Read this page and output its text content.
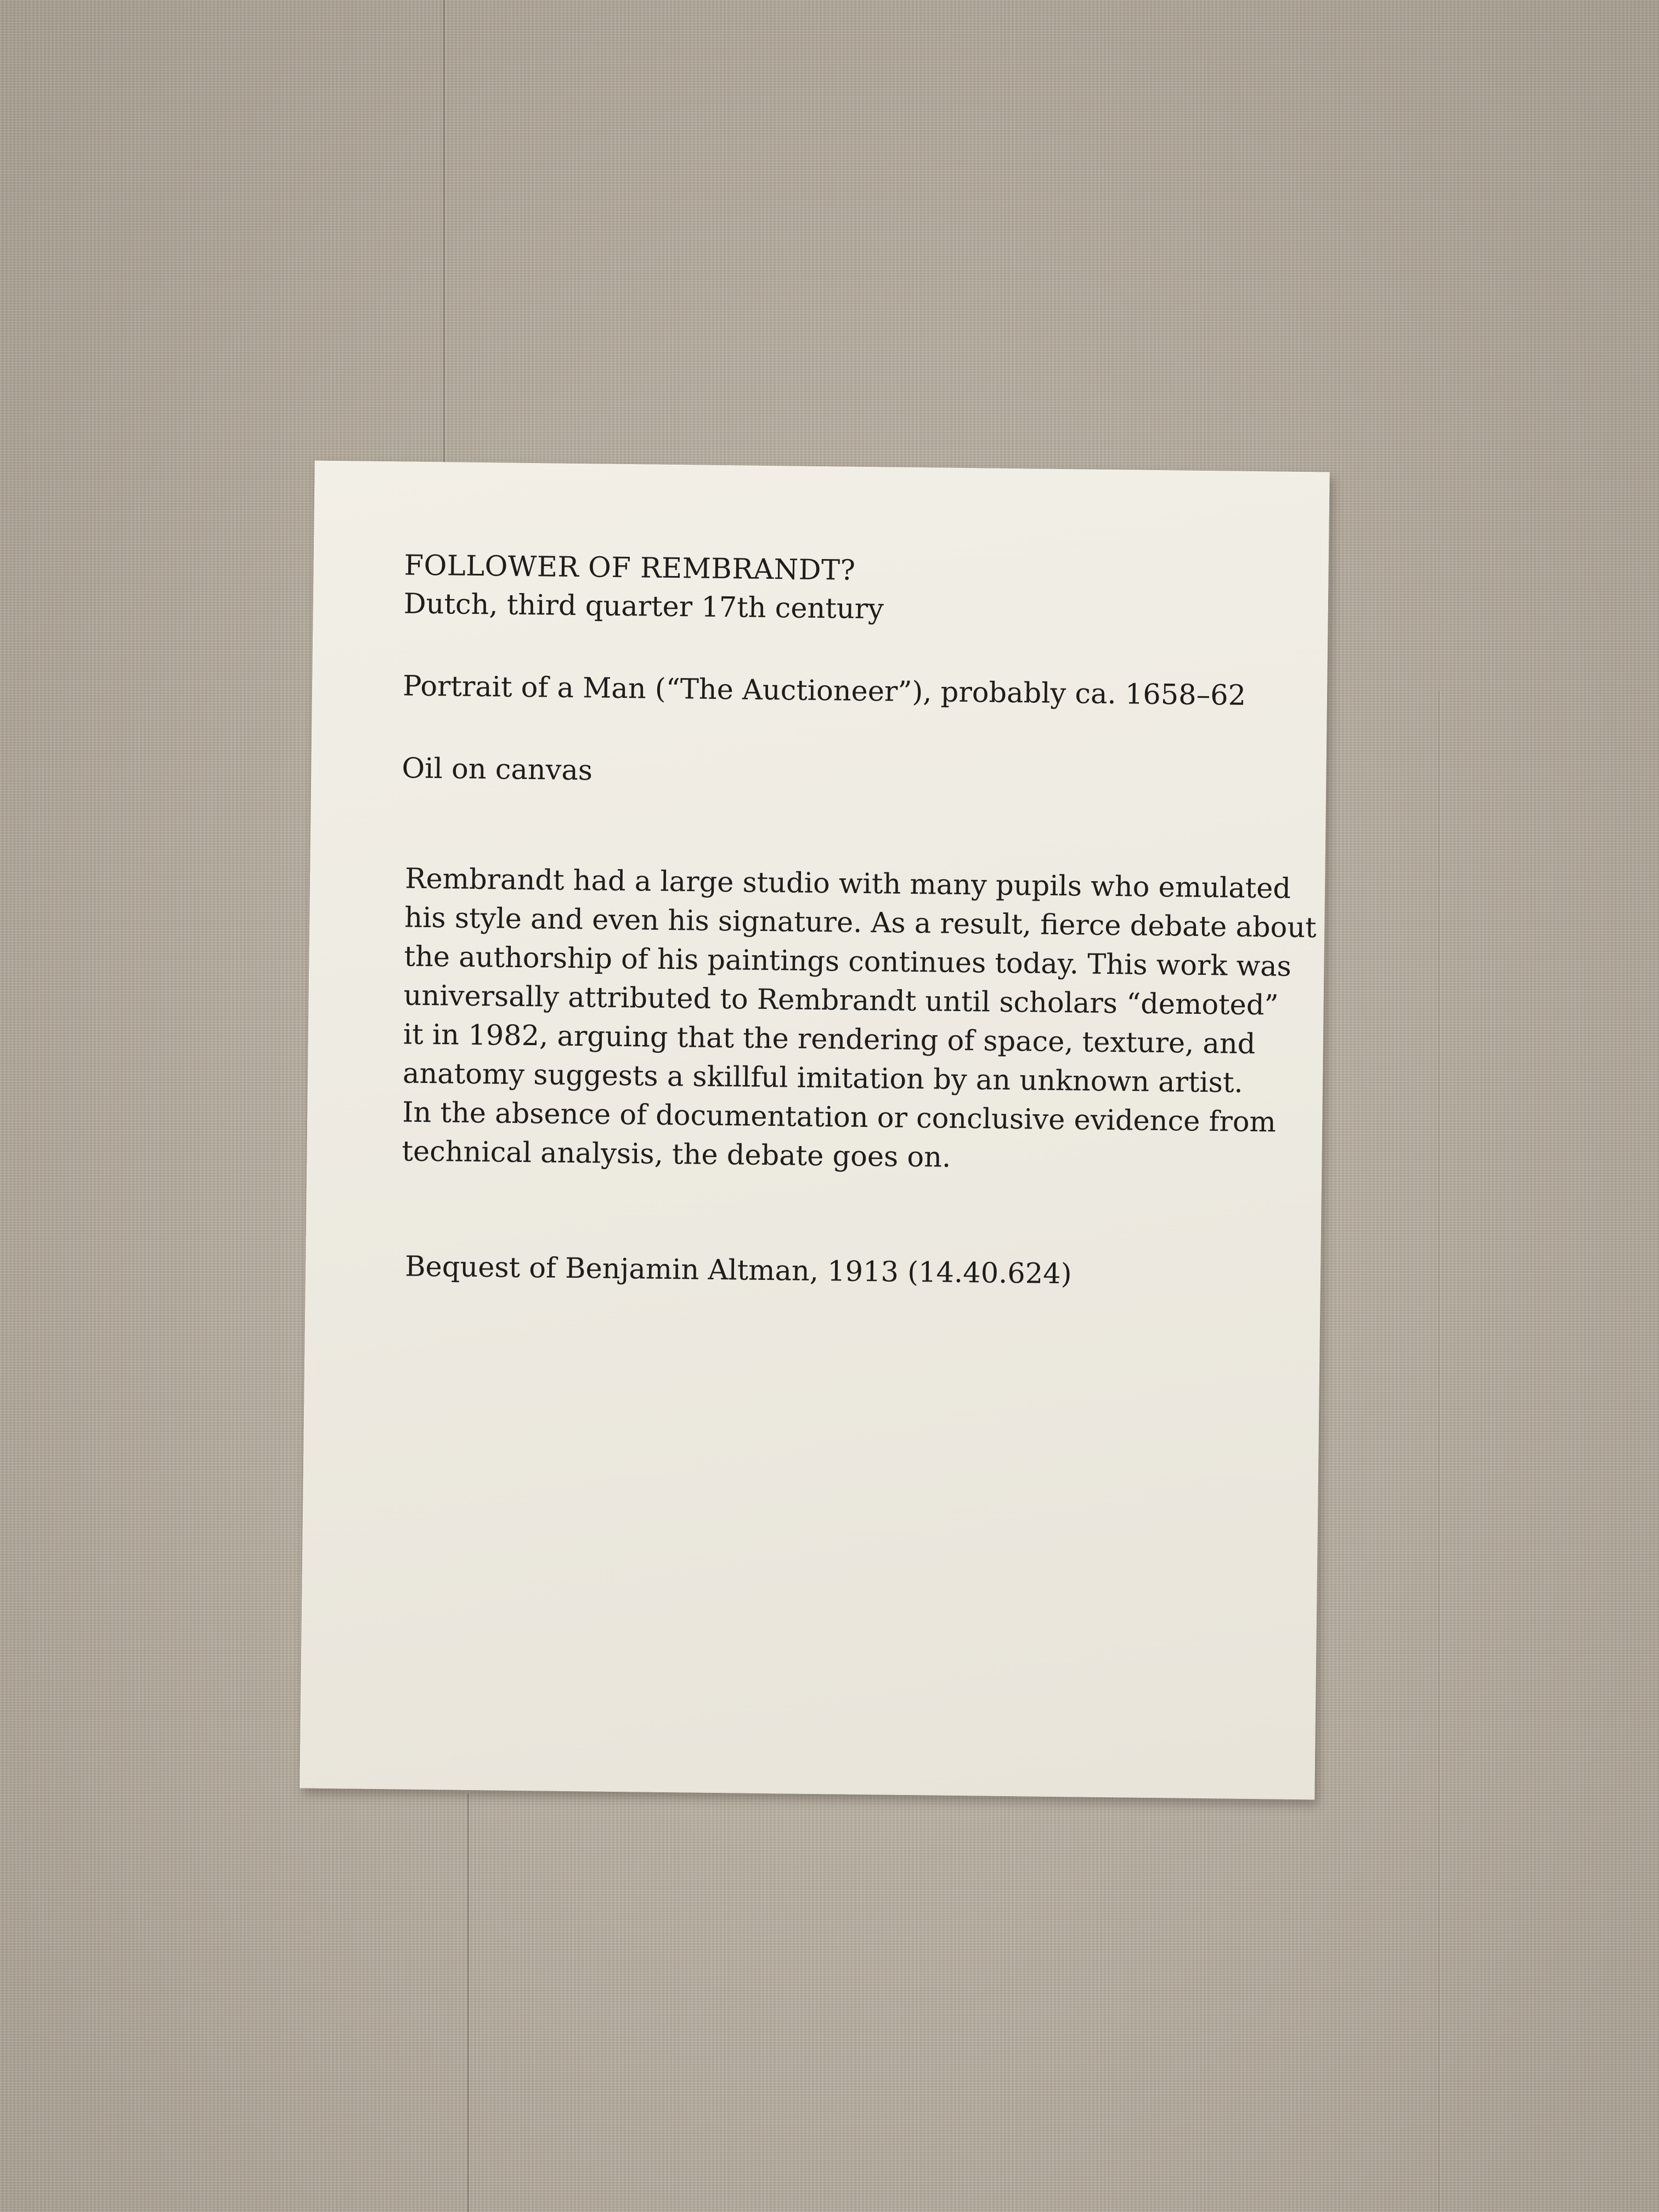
FOLLOWER OF REMBRANDT?

Dutch, third quarter 17th century

Portrait of a Man (“The Auctioneer”), probably ca. 1658–62

Oil on canvas

Rembrandt had a large studio with many pupils who emulated
his style and even his signature. As a result, fierce debate about
the authorship of his paintings continues today. This work was
universally attributed to Rembrandt until scholars “demoted”
it in 1982, arguing that the rendering of space, texture, and
anatomy suggests a skillful imitation by an unknown artist.
In the absence of documentation or conclusive evidence from
technical analysis, the debate goes on.

Bequest of Benjamin Altman, 1913 (14.40.624)
